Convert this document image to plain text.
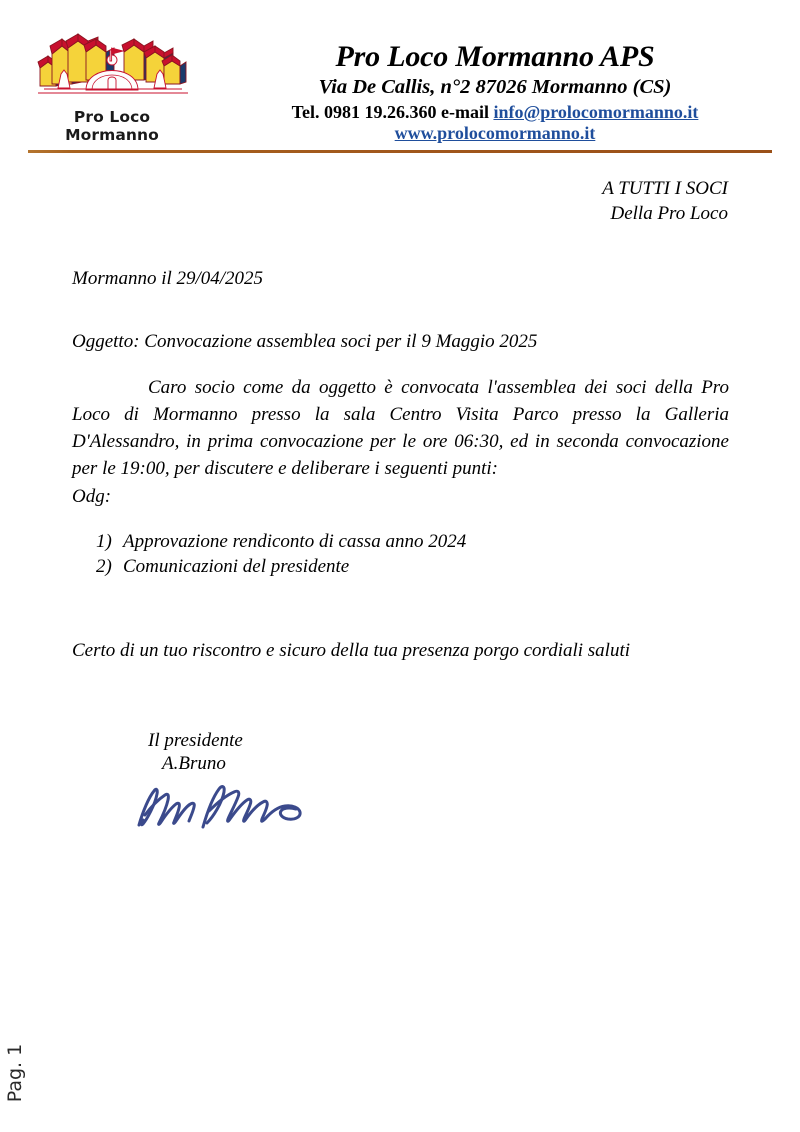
Pro Loco Mormanno
Pro Loco Mormanno APS
Via De Callis, n°2 87026 Mormanno (CS)
Tel. 0981 19.26.360 e-mail info@prolocomormanno.it
www.prolocomormanno.it
A TUTTI I SOCI
Della Pro Loco
Mormanno il 29/04/2025
Oggetto: Convocazione assemblea soci per il 9 Maggio 2025
Caro socio come da oggetto è convocata l'assemblea dei soci della Pro Loco di Mormanno presso la sala Centro Visita Parco presso la Galleria D'Alessandro, in prima convocazione per le ore 06:30, ed in seconda convocazione per le 19:00, per discutere e deliberare i seguenti punti:
Odg:
1) Approvazione rendiconto di cassa anno 2024
2) Comunicazioni del presidente
Certo di un tuo riscontro e sicuro della tua presenza porgo cordiali saluti
Il presidente
A.Bruno
Pag. 1
